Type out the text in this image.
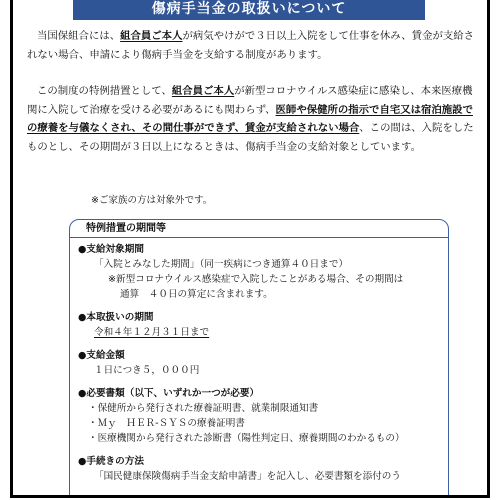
傷病手当金の取扱いについて

当国保組合には、組合員ご本人が病気やけがで３日以上入院をして仕事を休み、賃金が支給されない場合、申請により傷病手当金を支給する制度があります。

この制度の特例措置として、組合員ご本人が新型コロナウイルス感染症に感染し、本来医療機関に入院して治療を受ける必要があるにも関わらず、医師や保健所の指示で自宅又は宿泊施設での療養を与儀なくされ、その間仕事ができず、賃金が支給されない場合、この間は、入院をしたものとし、その期間が３日以上になるときは、傷病手当金の支給対象としています。

※ご家族の方は対象外です。

特例措置の期間等

●支給対象期間

「入院とみなした期間」（同一疾病につき通算４０日まで）

※新型コロナウイルス感染症で入院したことがある場合、その期間は

通算　４０日の算定に含まれます。

●本取扱いの期間

令和４年１２月３１日まで

●支給金額

１日につき５，０００円

●必要書類（以下、いずれか一つが必要）

・保健所から発行された療養証明書、就業制限通知書

・Ｍｙ　ＨＥＲ-ＳＹＳの療養証明書

・医療機関から発行された診断書（陽性判定日、療養期間のわかるもの）

●手続きの方法

「国民健康保険傷病手当金支給申請書」を記入し、必要書類を添付のう
